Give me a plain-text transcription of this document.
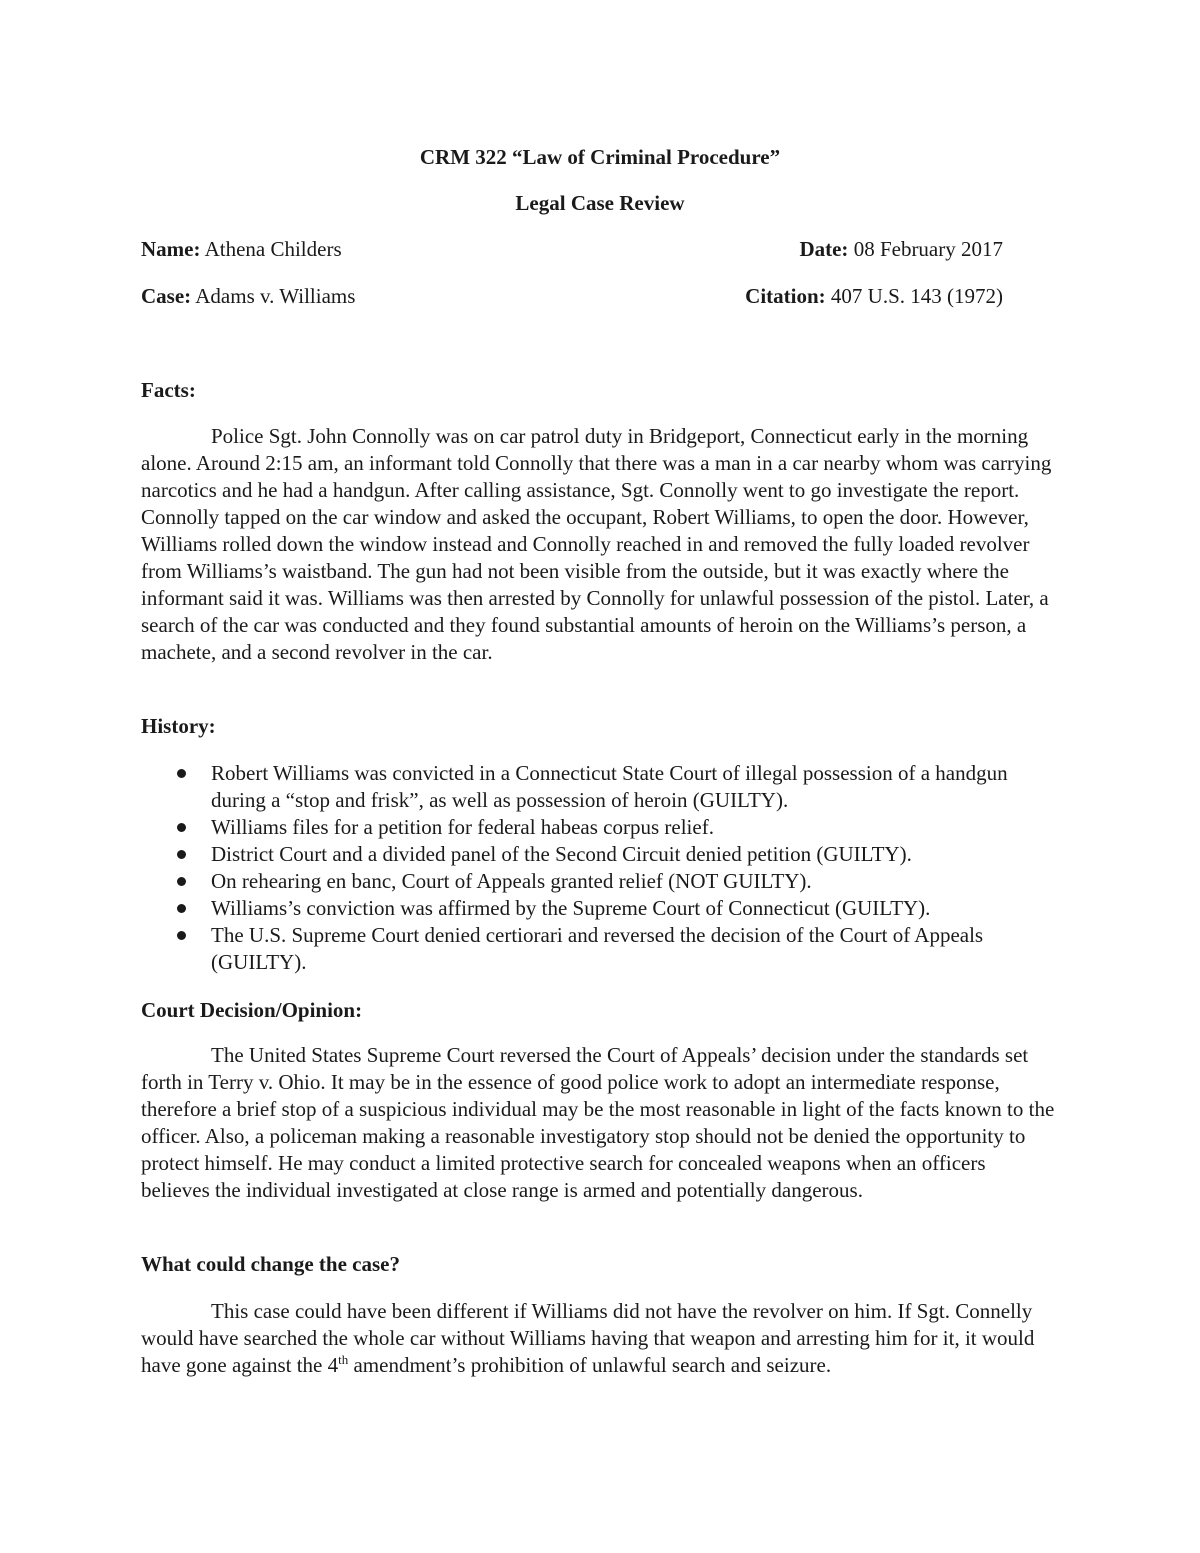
CRM 322 “Law of Criminal Procedure”

Legal Case Review

Name: Athena Childers	Date: 08 February 2017
Case: Adams v. Williams	Citation: 407 U.S. 143 (1972)

Facts:

Police Sgt. John Connolly was on car patrol duty in Bridgeport, Connecticut early in the morning alone. Around 2:15 am, an informant told Connolly that there was a man in a car nearby whom was carrying narcotics and he had a handgun. After calling assistance, Sgt. Connolly went to go investigate the report. Connolly tapped on the car window and asked the occupant, Robert Williams, to open the door. However, Williams rolled down the window instead and Connolly reached in and removed the fully loaded revolver from Williams’s waistband. The gun had not been visible from the outside, but it was exactly where the informant said it was. Williams was then arrested by Connolly for unlawful possession of the pistol. Later, a search of the car was conducted and they found substantial amounts of heroin on the Williams’s person, a machete, and a second revolver in the car.

History:

Robert Williams was convicted in a Connecticut State Court of illegal possession of a handgun during a “stop and frisk”, as well as possession of heroin (GUILTY).
Williams files for a petition for federal habeas corpus relief.
District Court and a divided panel of the Second Circuit denied petition (GUILTY).
On rehearing en banc, Court of Appeals granted relief (NOT GUILTY).
Williams’s conviction was affirmed by the Supreme Court of Connecticut (GUILTY).
The U.S. Supreme Court denied certiorari and reversed the decision of the Court of Appeals (GUILTY).

Court Decision/Opinion:

The United States Supreme Court reversed the Court of Appeals’ decision under the standards set forth in Terry v. Ohio. It may be in the essence of good police work to adopt an intermediate response, therefore a brief stop of a suspicious individual may be the most reasonable in light of the facts known to the officer. Also, a policeman making a reasonable investigatory stop should not be denied the opportunity to protect himself. He may conduct a limited protective search for concealed weapons when an officers believes the individual investigated at close range is armed and potentially dangerous.

What could change the case?

This case could have been different if Williams did not have the revolver on him. If Sgt. Connelly would have searched the whole car without Williams having that weapon and arresting him for it, it would have gone against the 4th amendment’s prohibition of unlawful search and seizure.
